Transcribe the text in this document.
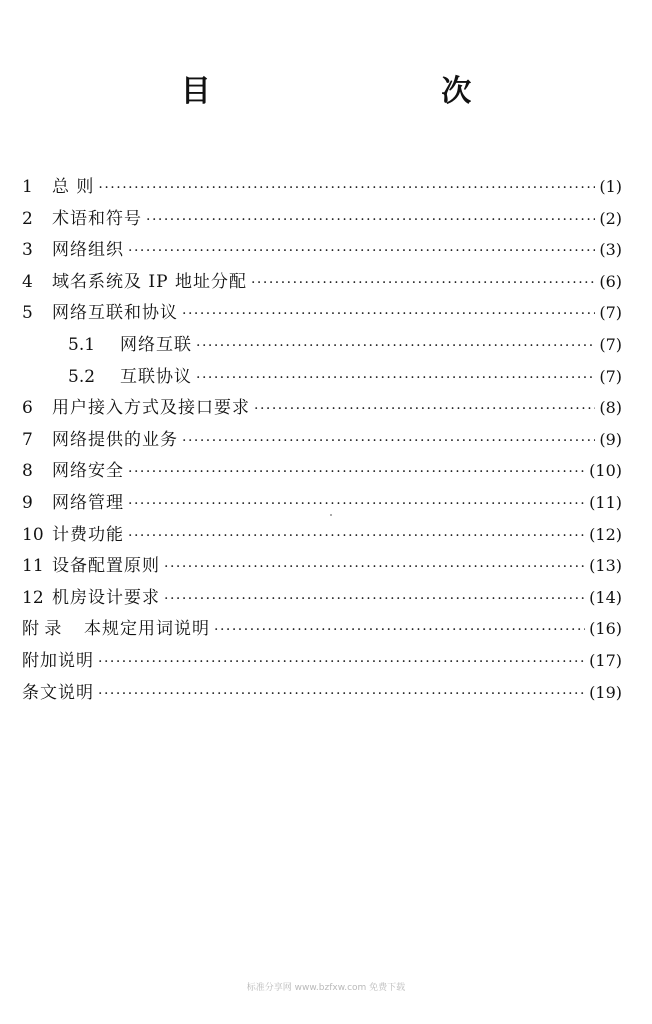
目 次
1	总 则 ·····	(1)
2	术语和符号 ·····	(2)
3	网络组织 ·····	(3)
4	域名系统及 IP 地址分配 ·····	(6)
5	网络互联和协议 ·····	(7)
5.1	网络互联 ·····	(7)
5.2	互联协议 ·····	(7)
6	用户接入方式及接口要求 ·····	(8)
7	网络提供的业务 ·····	(9)
8	网络安全 ·····	(10)
9	网络管理 ·····	(11)
10 计费功能 ·····	(12)
11 设备配置原则 ·····	(13)
12 机房设计要求 ·····	(14)
附 录	本规定用词说明 ·····	(16)
附加说明 ·····	(17)
条文说明 ·····	(19)
标准分享网 www.bzfxw.com 免费下载
